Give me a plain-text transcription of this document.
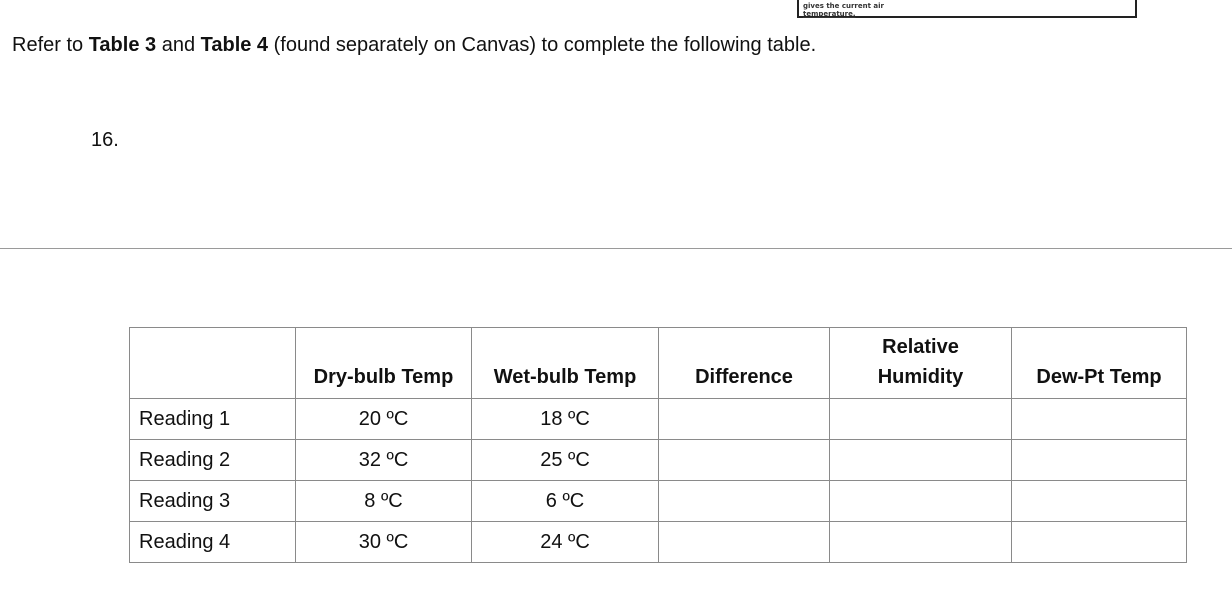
gives the current air
temperature.
Refer to Table 3 and Table 4 (found separately on Canvas) to complete the following table.
16.
	Dry-bulb Temp	Wet-bulb Temp	Difference	Relative Humidity	Dew-Pt Temp
Reading 1	20 ºC	18 ºC			
Reading 2	32 ºC	25 ºC			
Reading 3	8 ºC	6 ºC			
Reading 4	30 ºC	24 ºC			
